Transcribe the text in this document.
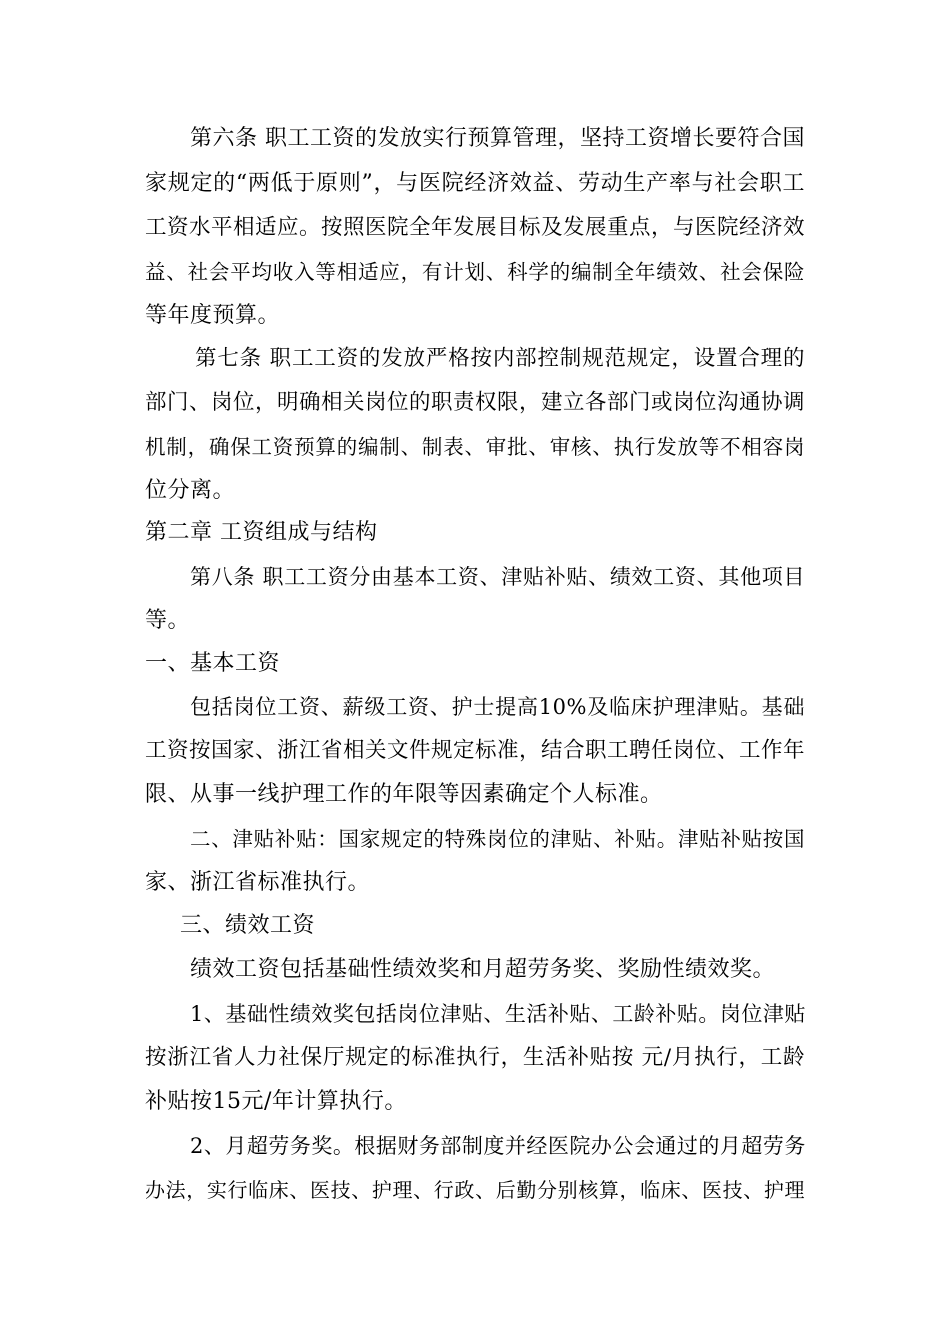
第六条 职工工资的发放实行预算管理，坚持工资增长要符合国
家规定的“两低于原则”，与医院经济效益、劳动生产率与社会职工
工资水平相适应。按照医院全年发展目标及发展重点，与医院经济效
益、社会平均收入等相适应，有计划、科学的编制全年绩效、社会保险
等年度预算。
第七条 职工工资的发放严格按内部控制规范规定，设置合理的
部门、岗位，明确相关岗位的职责权限，建立各部门或岗位沟通协调
机制，确保工资预算的编制、制表、审批、审核、执行发放等不相容岗
位分离。
第二章 工资组成与结构
第八条 职工工资分由基本工资、津贴补贴、绩效工资、其他项目
等。
一、基本工资
包括岗位工资、薪级工资、护士提高10%及临床护理津贴。基础
工资按国家、浙江省相关文件规定标准，结合职工聘任岗位、工作年
限、从事一线护理工作的年限等因素确定个人标准。
二、津贴补贴：国家规定的特殊岗位的津贴、补贴。津贴补贴按国
家、浙江省标准执行。
三、绩效工资
绩效工资包括基础性绩效奖和月超劳务奖、奖励性绩效奖。
1、基础性绩效奖包括岗位津贴、生活补贴、工龄补贴。岗位津贴
按浙江省人力社保厅规定的标准执行，生活补贴按 元/月执行，工龄
补贴按15元/年计算执行。
2、月超劳务奖。根据财务部制度并经医院办公会通过的月超劳务
办法，实行临床、医技、护理、行政、后勤分别核算，临床、医技、护理
